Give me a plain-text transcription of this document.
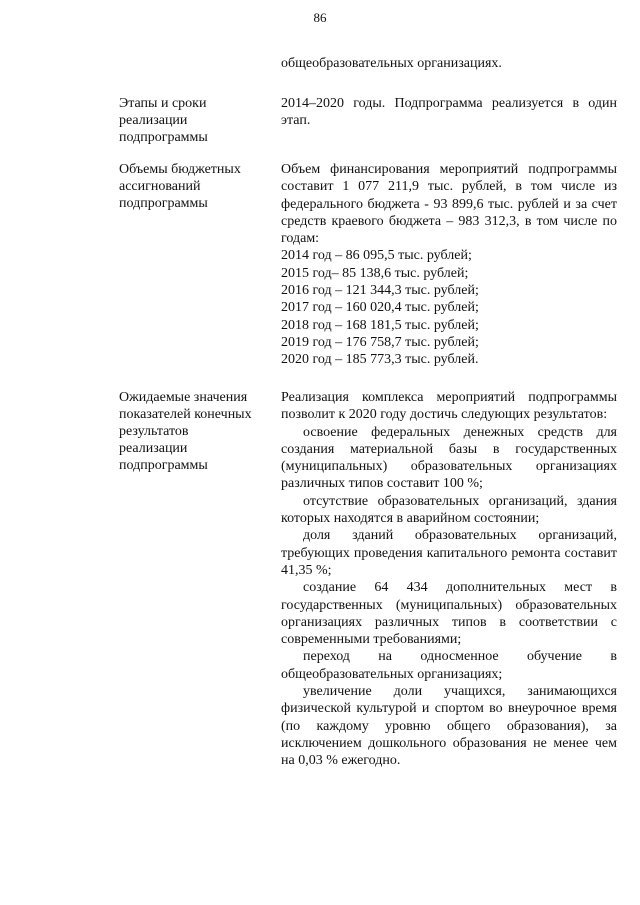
86

общеобразовательных организациях.

Этапы и сроки
реализации
подпрограммы

2014–2020 годы. Подпрограмма реализуется в один этап.

Объемы бюджетных
ассигнований
подпрограммы

Объем финансирования мероприятий подпрограммы составит 1 077 211,9 тыс. рублей, в том числе из федерального бюджета - 93 899,6 тыс. рублей и за счет средств краевого бюджета – 983 312,3, в том числе по годам:

2014 год – 86 095,5 тыс. рублей;
2015 год– 85 138,6 тыс. рублей;
2016 год – 121 344,3 тыс. рублей;
2017 год – 160 020,4 тыс. рублей;
2018 год – 168 181,5 тыс. рублей;
2019 год – 176 758,7 тыс. рублей;
2020 год – 185 773,3 тыс. рублей.
Ожидаемые значения
показателей конечных
результатов
реализации
подпрограммы

Реализация комплекса мероприятий подпрограммы позволит к 2020 году достичь следующих результатов:

освоение федеральных денежных средств для создания материальной базы в государственных (муниципальных) образовательных организациях различных типов составит 100 %;

отсутствие образовательных организаций, здания которых находятся в аварийном состоянии;

доля зданий образовательных организаций, требующих проведения капитального ремонта составит 41,35 %;

создание 64 434 дополнительных мест в государственных (муниципальных) образовательных организациях различных типов в соответствии с современными требованиями;

переход на односменное обучение в общеобразовательных организациях;

увеличение доли учащихся, занимающихся физической культурой и спортом во внеурочное время (по каждому уровню общего образования), за исключением дошкольного образования не менее чем на 0,03 % ежегодно.
